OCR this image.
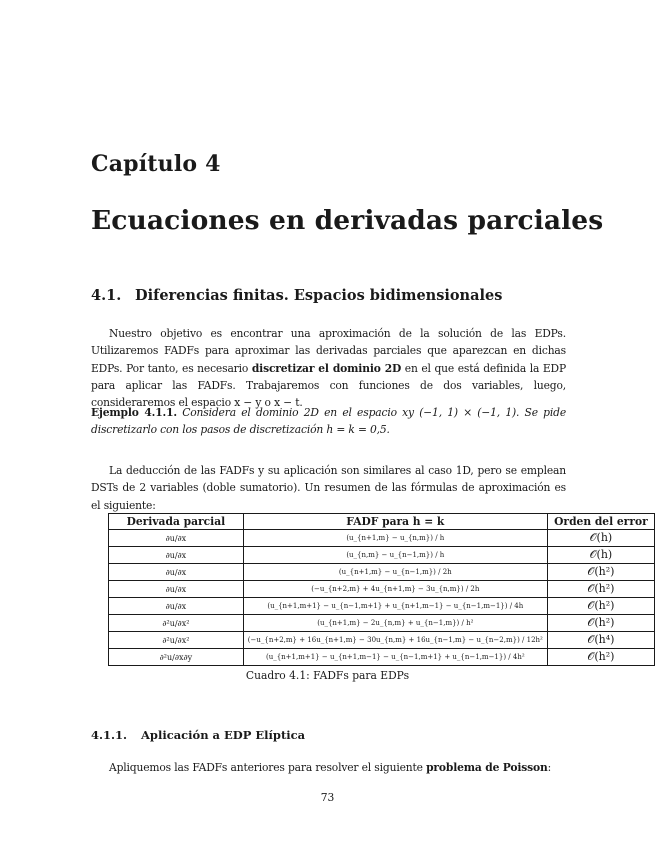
Capítulo 4
Ecuaciones en derivadas parciales
4.1. Diferencias finitas. Espacios bidimensionales
Nuestro objetivo es encontrar una aproximación de la solución de las EDPs. Utilizaremos FADFs para aproximar las derivadas parciales que aparezcan en dichas EDPs. Por tanto, es necesario discretizar el dominio 2D en el que está definida la EDP para aplicar las FADFs. Trabajaremos con funciones de dos variables, luego, consideraremos el espacio x − y o x − t.
Ejemplo 4.1.1. Considera el dominio 2D en el espacio xy (−1, 1) × (−1, 1). Se pide discretizarlo con los pasos de discretización h = k = 0,5.
La deducción de las FADFs y su aplicación son similares al caso 1D, pero se emplean DSTs de 2 variables (doble sumatorio). Un resumen de las fórmulas de aproximación es el siguiente:
Derivada parcial	FADF para h = k	Orden del error
∂u/∂x	(u_{n+1,m} − u_{n,m}) / h	𝒪(h)
∂u/∂x	(u_{n,m} − u_{n−1,m}) / h	𝒪(h)
∂u/∂x	(u_{n+1,m} − u_{n−1,m}) / 2h	𝒪(h²)
∂u/∂x	(−u_{n+2,m} + 4u_{n+1,m} − 3u_{n,m}) / 2h	𝒪(h²)
∂u/∂x	(u_{n+1,m+1} − u_{n−1,m+1} + u_{n+1,m−1} − u_{n−1,m−1}) / 4h	𝒪(h²)
∂²u/∂x²	(u_{n+1,m} − 2u_{n,m} + u_{n−1,m}) / h²	𝒪(h²)
∂²u/∂x²	(−u_{n+2,m} + 16u_{n+1,m} − 30u_{n,m} + 16u_{n−1,m} − u_{n−2,m}) / 12h²	𝒪(h⁴)
∂²u/∂x∂y	(u_{n+1,m+1} − u_{n+1,m−1} − u_{n−1,m+1} + u_{n−1,m−1}) / 4h²	𝒪(h²)
Cuadro 4.1: FADFs para EDPs
4.1.1. Aplicación a EDP Elíptica
Apliquemos las FADFs anteriores para resolver el siguiente problema de Poisson:
73
